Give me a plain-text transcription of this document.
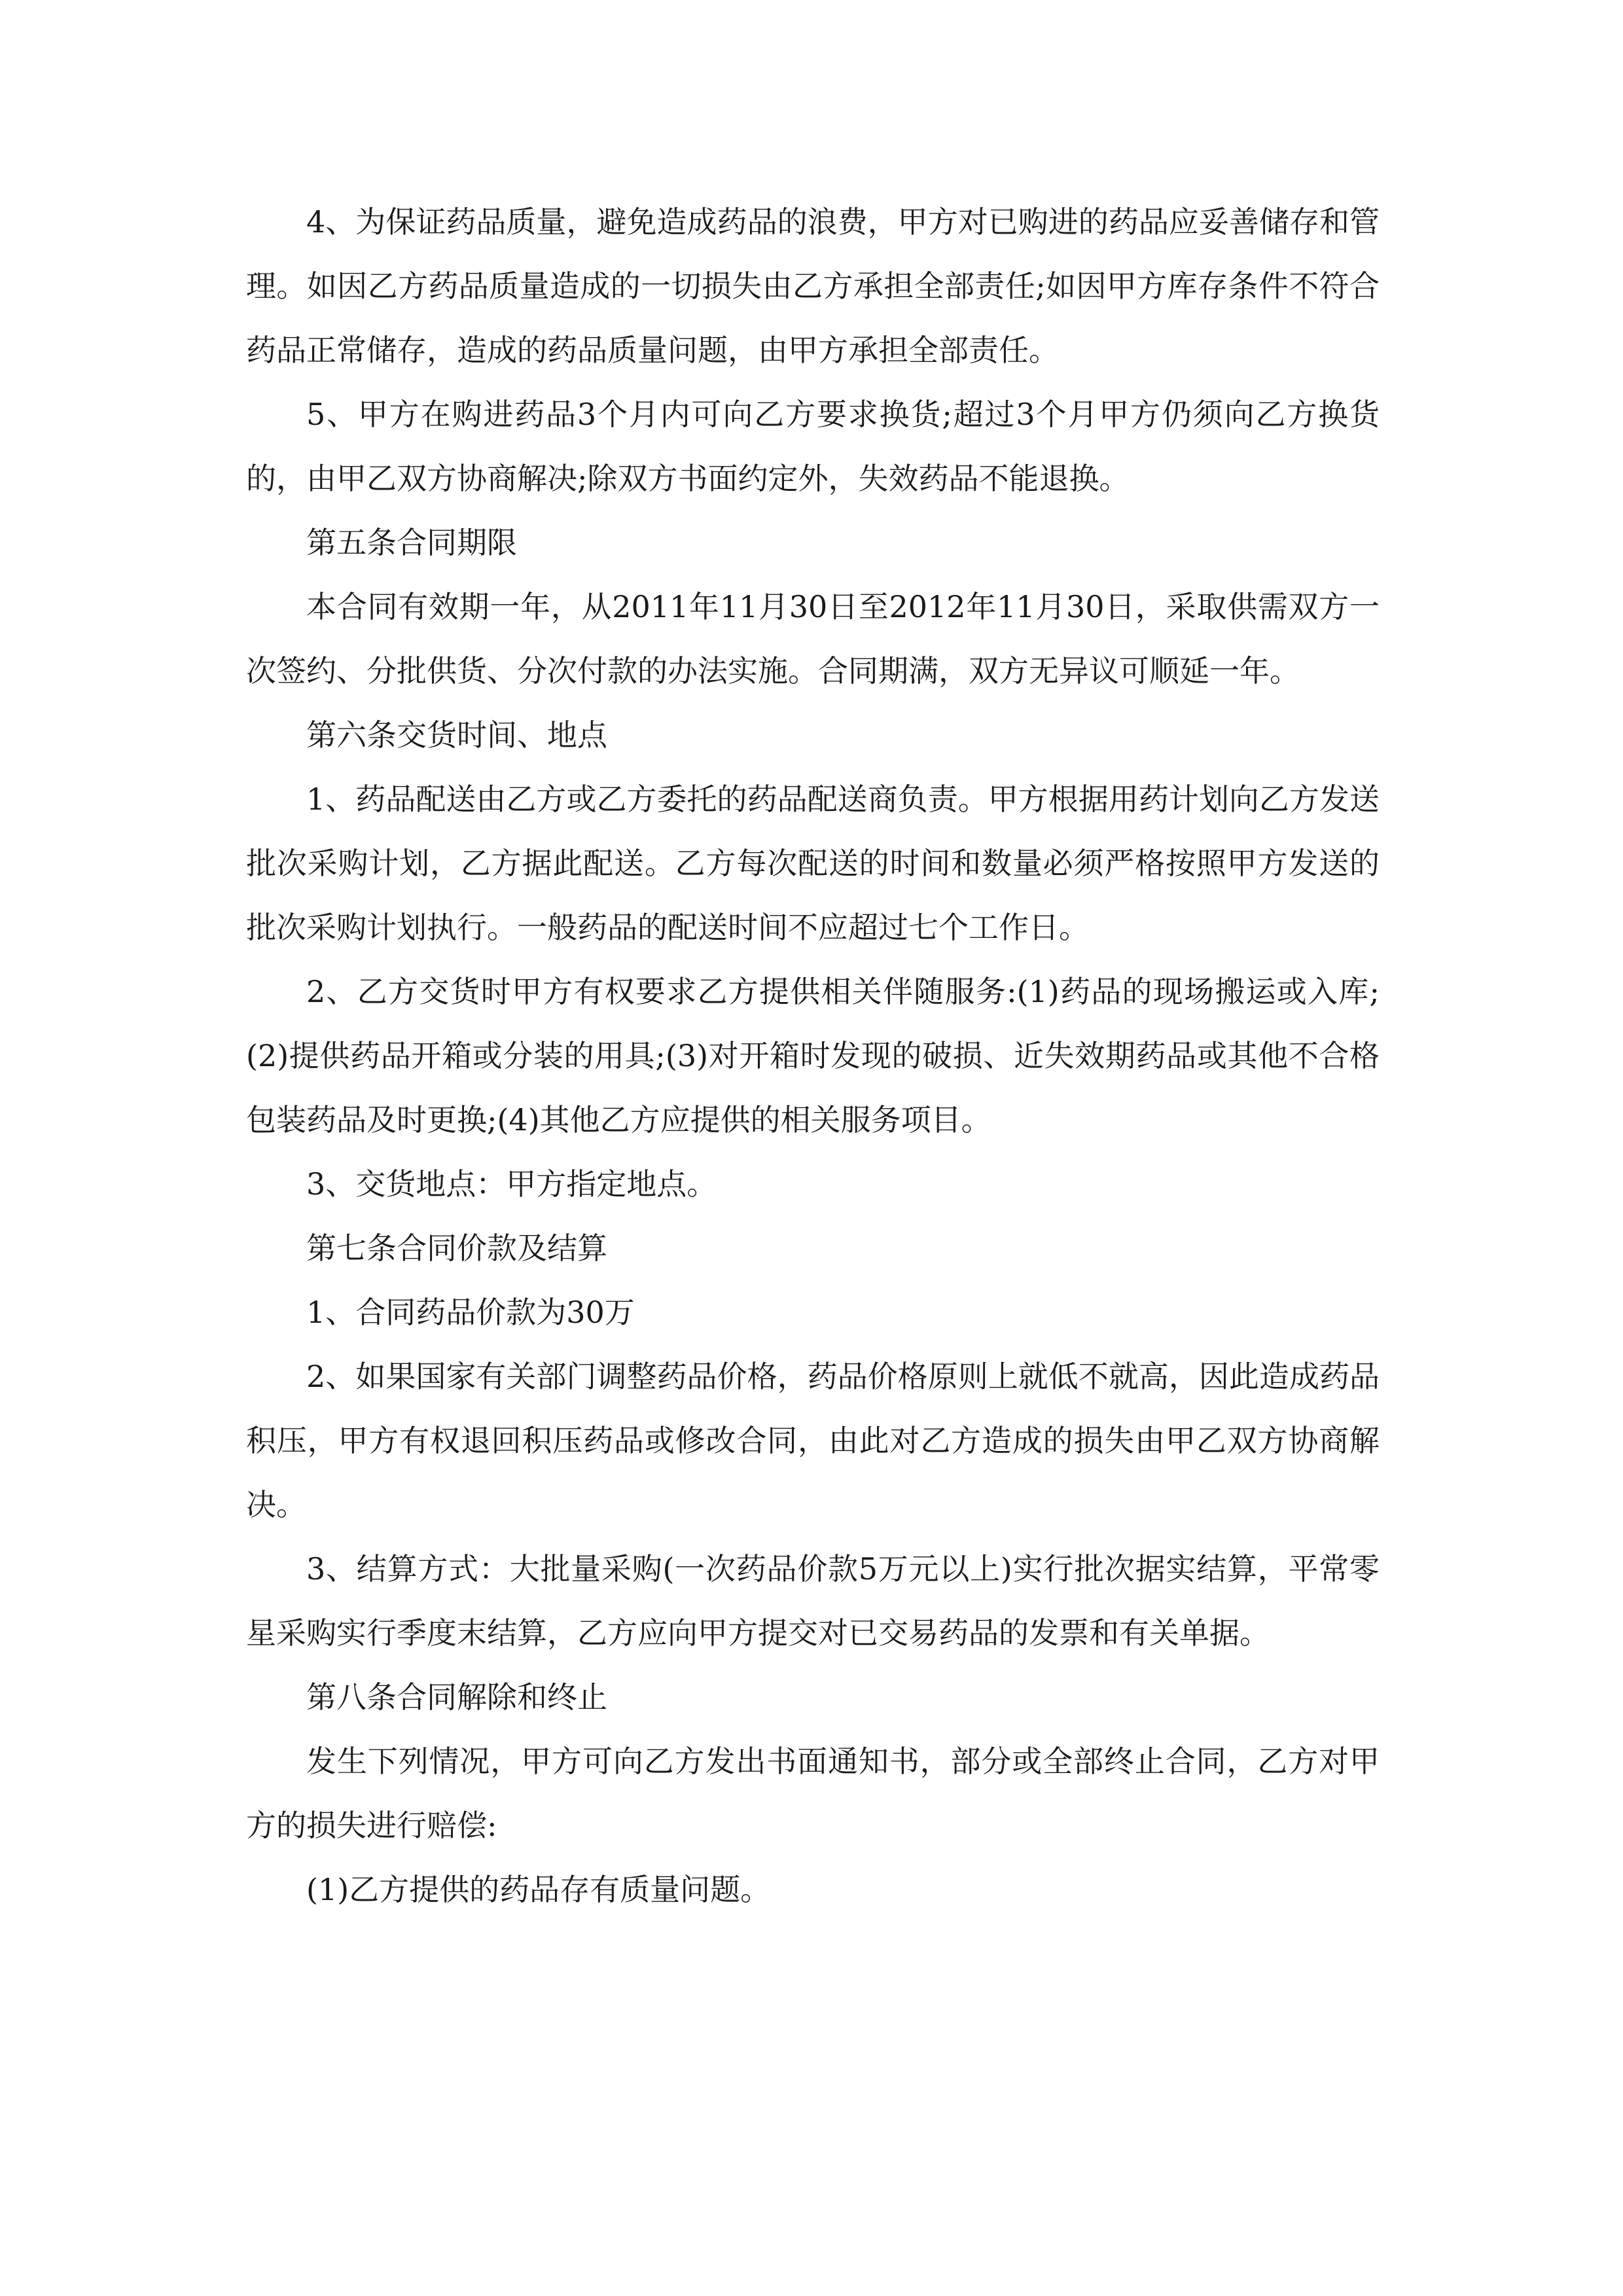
4、为保证药品质量，避免造成药品的浪费，甲方对已购进的药品应妥善储存和管理。如因乙方药品质量造成的一切损失由乙方承担全部责任;如因甲方库存条件不符合药品正常储存，造成的药品质量问题，由甲方承担全部责任。

5、甲方在购进药品3个月内可向乙方要求换货;超过3个月甲方仍须向乙方换货的，由甲乙双方协商解决;除双方书面约定外，失效药品不能退换。

第五条合同期限

本合同有效期一年，从2011年11月30日至2012年11月30日，采取供需双方一次签约、分批供货、分次付款的办法实施。合同期满，双方无异议可顺延一年。

第六条交货时间、地点

1、药品配送由乙方或乙方委托的药品配送商负责。甲方根据用药计划向乙方发送批次采购计划，乙方据此配送。乙方每次配送的时间和数量必须严格按照甲方发送的批次采购计划执行。一般药品的配送时间不应超过七个工作日。

2、乙方交货时甲方有权要求乙方提供相关伴随服务:(1)药品的现场搬运或入库;(2)提供药品开箱或分装的用具;(3)对开箱时发现的破损、近失效期药品或其他不合格包装药品及时更换;(4)其他乙方应提供的相关服务项目。

3、交货地点：甲方指定地点。

第七条合同价款及结算

1、合同药品价款为30万

2、如果国家有关部门调整药品价格，药品价格原则上就低不就高，因此造成药品积压，甲方有权退回积压药品或修改合同，由此对乙方造成的损失由甲乙双方协商解决。

3、结算方式：大批量采购(一次药品价款5万元以上)实行批次据实结算，平常零星采购实行季度末结算，乙方应向甲方提交对已交易药品的发票和有关单据。

第八条合同解除和终止

发生下列情况，甲方可向乙方发出书面通知书，部分或全部终止合同，乙方对甲方的损失进行赔偿:

(1)乙方提供的药品存有质量问题。
